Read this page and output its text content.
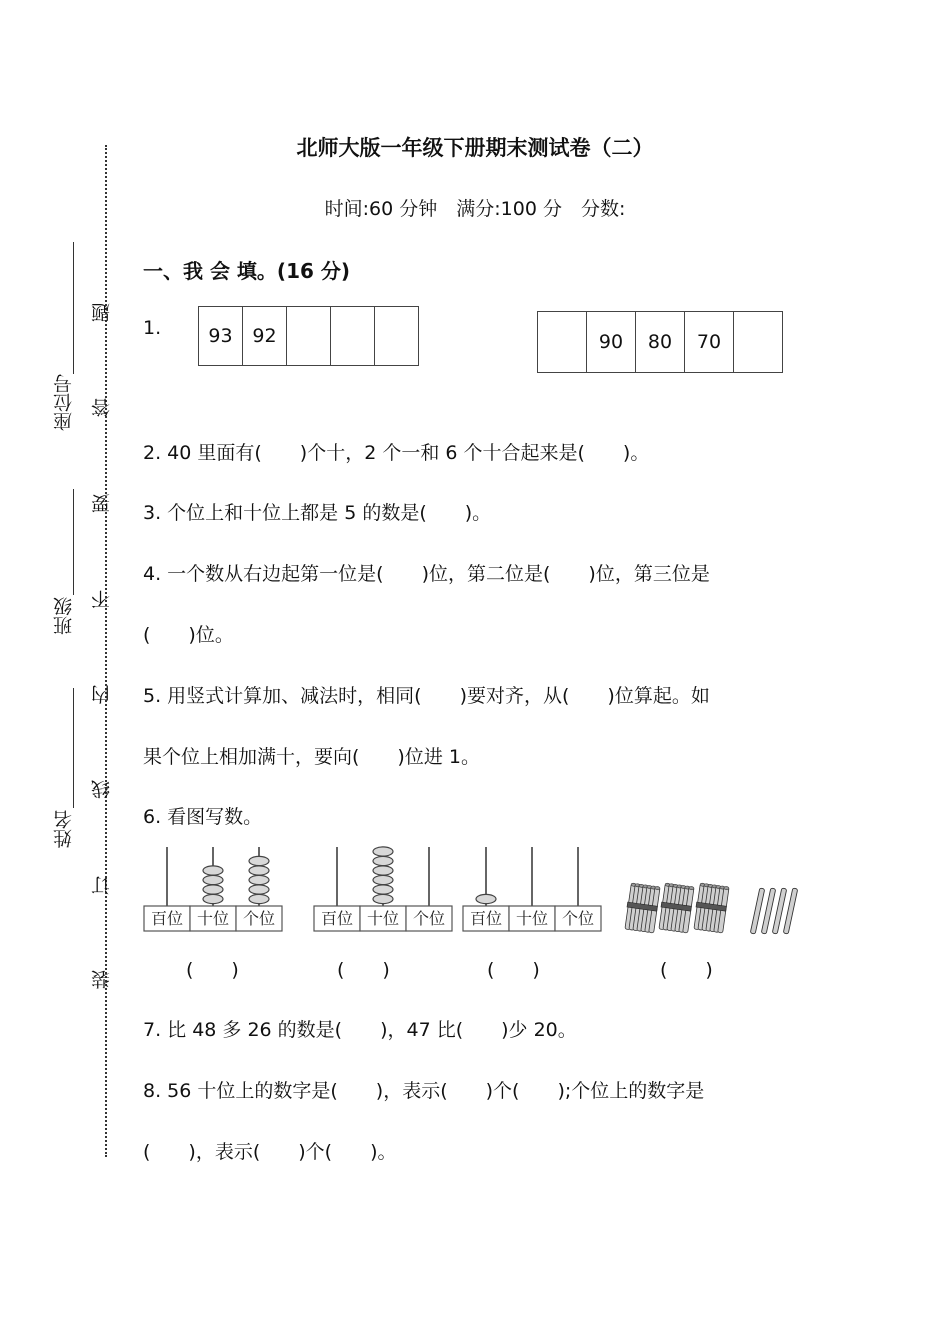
北师大版一年级下册期末测试卷（二）
时间:60 分钟　满分:100 分　分数:
座位号
班级
姓名
题
答
要
不
内
线
订
装
一、我 会 填。(16 分)
1. 93	92			
		90	80	70	
2. 40 里面有(　　)个十，2 个一和 6 个十合起来是(　　)。
3. 个位上和十位上都是 5 的数是(　　)。
4. 一个数从右边起第一位是(　　)位，第二位是(　　)位，第三位是
(　　)位。
5. 用竖式计算加、减法时，相同(　　)要对齐，从(　　)位算起。如
果个位上相加满十，要向(　　)位进 1。
6. 看图写数。
百位 十位 个位	百位 十位 个位 百位 十位 个位
(　　)	(　　)	(　　)	(　　)
7. 比 48 多 26 的数是(　　)，47 比(　　)少 20。
8. 56 十位上的数字是(　　)，表示(　　)个(　　);个位上的数字是
(　　)，表示(　　)个(　　)。
